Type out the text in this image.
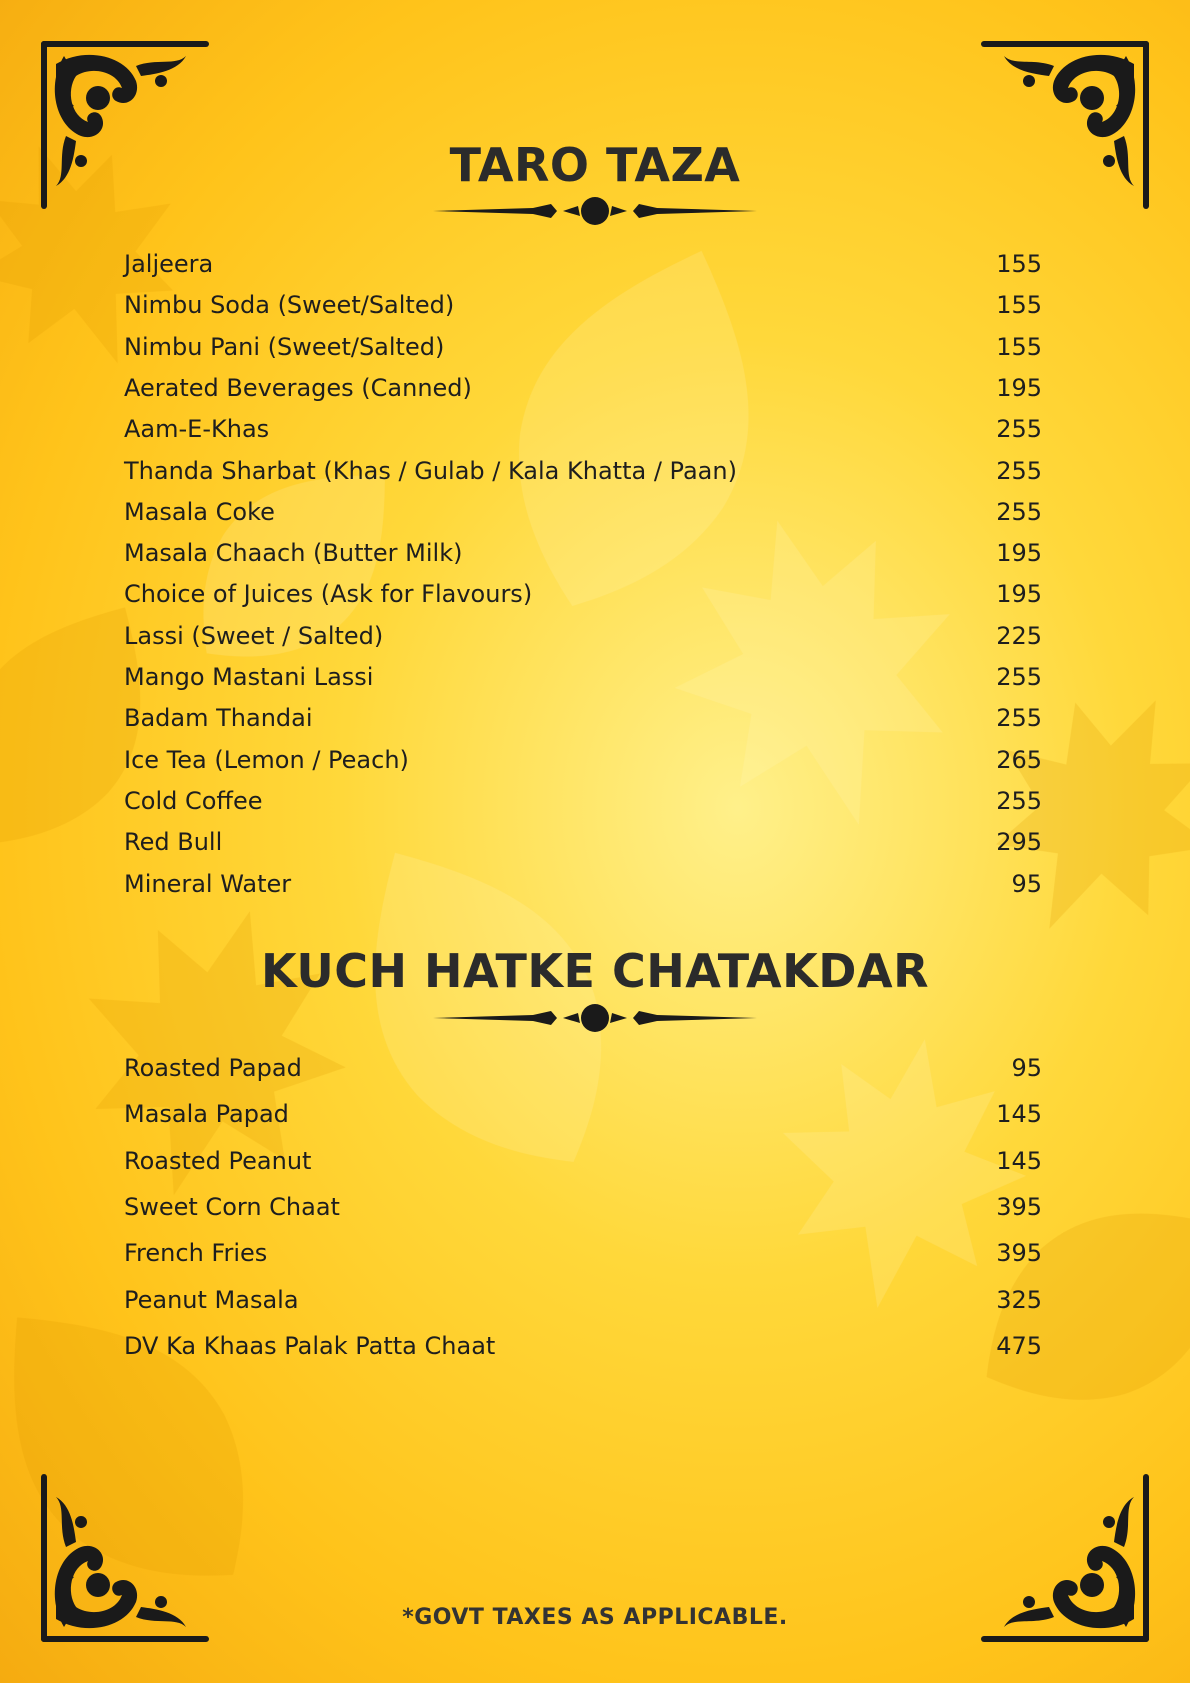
TARO TAZA
Jaljeera	155
Nimbu Soda (Sweet/Salted)	155
Nimbu Pani (Sweet/Salted)	155
Aerated Beverages (Canned)	195
Aam-E-Khas	255
Thanda Sharbat (Khas / Gulab / Kala Khatta / Paan)	255
Masala Coke	255
Masala Chaach (Butter Milk)	195
Choice of Juices (Ask for Flavours)	195
Lassi (Sweet / Salted)	225
Mango Mastani Lassi	255
Badam Thandai	255
Ice Tea (Lemon / Peach)	265
Cold Coffee	255
Red Bull	295
Mineral Water	95
KUCH HATKE CHATAKDAR
Roasted Papad	95
Masala Papad	145
Roasted Peanut	145
Sweet Corn Chaat	395
French Fries	395
Peanut Masala	325
DV Ka Khaas Palak Patta Chaat	475
*GOVT TAXES AS APPLICABLE.
